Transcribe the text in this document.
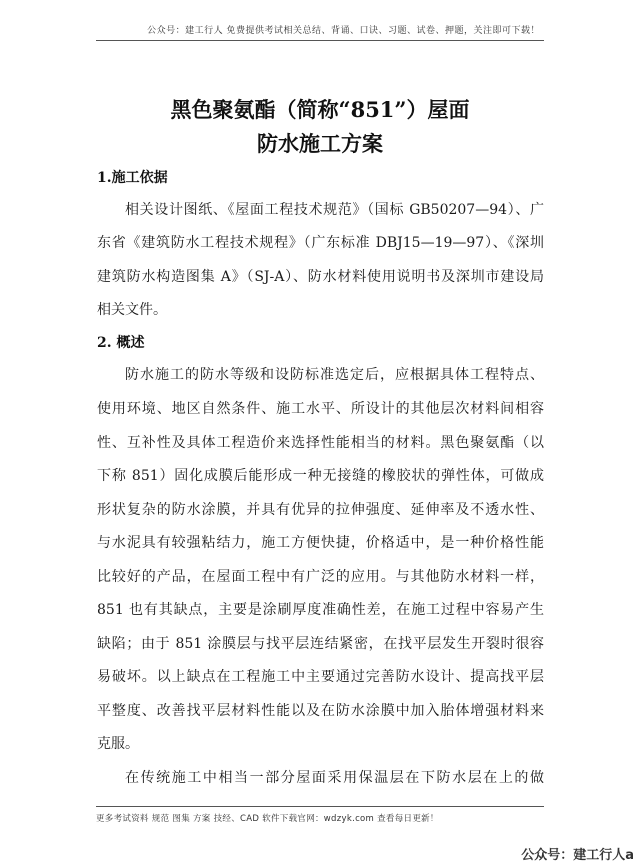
公众号：建工行人 免费提供考试相关总结、背诵、口诀、习题、试卷、押题，关注即可下载！
黑色聚氨酯（简称“851”）屋面
防水施工方案
1.施工依据
相关设计图纸、《屋面工程技术规范》（国标 GB50207—94）、广
东省《建筑防水工程技术规程》（广东标准 DBJ15—19—97）、《深圳
建筑防水构造图集 A》（SJ-A）、防水材料使用说明书及深圳市建设局
相关文件。
2. 概述
防水施工的防水等级和设防标准选定后，应根据具体工程特点、
使用环境、地区自然条件、施工水平、所设计的其他层次材料间相容
性、互补性及具体工程造价来选择性能相当的材料。黑色聚氨酯（以
下称 851）固化成膜后能形成一种无接缝的橡胶状的弹性体，可做成
形状复杂的防水涂膜，并具有优异的拉伸强度、延伸率及不透水性、
与水泥具有较强粘结力，施工方便快捷，价格适中，是一种价格性能
比较好的产品，在屋面工程中有广泛的应用。与其他防水材料一样，
851 也有其缺点，主要是涂刷厚度准确性差，在施工过程中容易产生
缺陷；由于 851 涂膜层与找平层连结紧密，在找平层发生开裂时很容
易破坏。以上缺点在工程施工中主要通过完善防水设计、提高找平层
平整度、改善找平层材料性能以及在防水涂膜中加入胎体增强材料来
克服。
在传统施工中相当一部分屋面采用保温层在下防水层在上的做
更多考试资料 规范 图集 方案 技经、CAD 软件下载官网：wdzyk.com 查看每日更新！
公众号：建工行人a
